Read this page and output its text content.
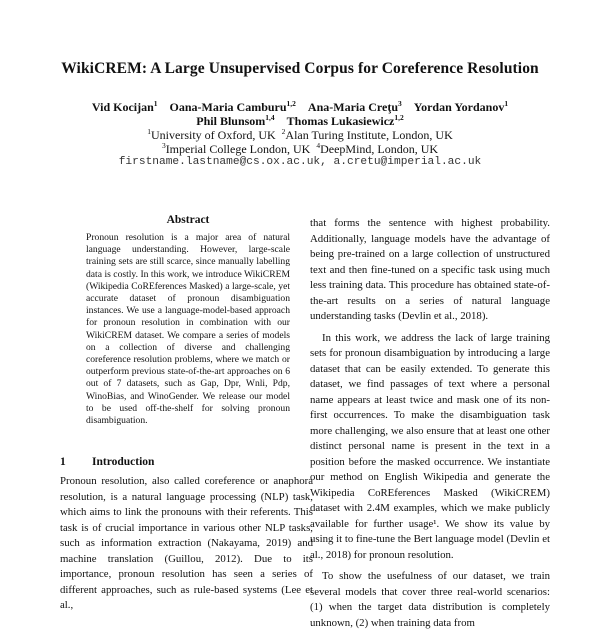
WikiCREM: A Large Unsupervised Corpus for Coreference Resolution
Vid Kocijan$^1$ Oana-Maria Camburu$^{1,2}$ Ana-Maria Creţu$^3$ Yordan Yordanov$^1$
Phil Blunsom$^{1,4}$ Thomas Lukasiewicz$^{1,2}$
$^1$University of Oxford, UK $^2$Alan Turing Institute, London, UK
$^3$Imperial College London, UK $^4$DeepMind, London, UK
firstname.lastname@cs.ox.ac.uk, a.cretu@imperial.ac.uk
Abstract
Pronoun resolution is a major area of natural language understanding. However, large-scale training sets are still scarce, since manually labelling data is costly. In this work, we introduce WikiCREM (Wikipedia CoREferences Masked) a large-scale, yet accurate dataset of pronoun disambiguation instances. We use a language-model-based approach for pronoun resolution in combination with our WikiCREM dataset. We compare a series of models on a collection of diverse and challenging coreference resolution problems, where we match or outperform previous state-of-the-art approaches on 6 out of 7 datasets, such as Gap, Dpr, Wnli, Pdp, WinoBias, and WinoGender. We release our model to be used off-the-shelf for solving pronoun disambiguation.
1 Introduction
Pronoun resolution, also called coreference or anaphora resolution, is a natural language processing (NLP) task, which aims to link the pronouns with their referents. This task is of crucial importance in various other NLP tasks, such as information extraction (Nakayama, 2019) and machine translation (Guillou, 2012). Due to its importance, pronoun resolution has seen a series of different approaches, such as rule-based systems (Lee et al.,

that forms the sentence with highest probability. Additionally, language models have the advantage of being pre-trained on a large collection of unstructured text and then fine-tuned on a specific task using much less training data. This procedure has obtained state-of-the-art results on a series of natural language understanding tasks (Devlin et al., 2018).

In this work, we address the lack of large training sets for pronoun disambiguation by introducing a large dataset that can be easily extended. To generate this dataset, we find passages of text where a personal name appears at least twice and mask one of its non-first occurrences. To make the disambiguation task more challenging, we also ensure that at least one other distinct personal name is present in the text in a position before the masked occurrence. We instantiate our method on English Wikipedia and generate the Wikipedia CoREferences Masked (WikiCREM) dataset with 2.4M examples, which we make publicly available for further usage¹. We show its value by using it to fine-tune the Bert language model (Devlin et al., 2018) for pronoun resolution.

To show the usefulness of our dataset, we train several models that cover three real-world scenarios: (1) when the target data distribution is completely unknown, (2) when training data from
